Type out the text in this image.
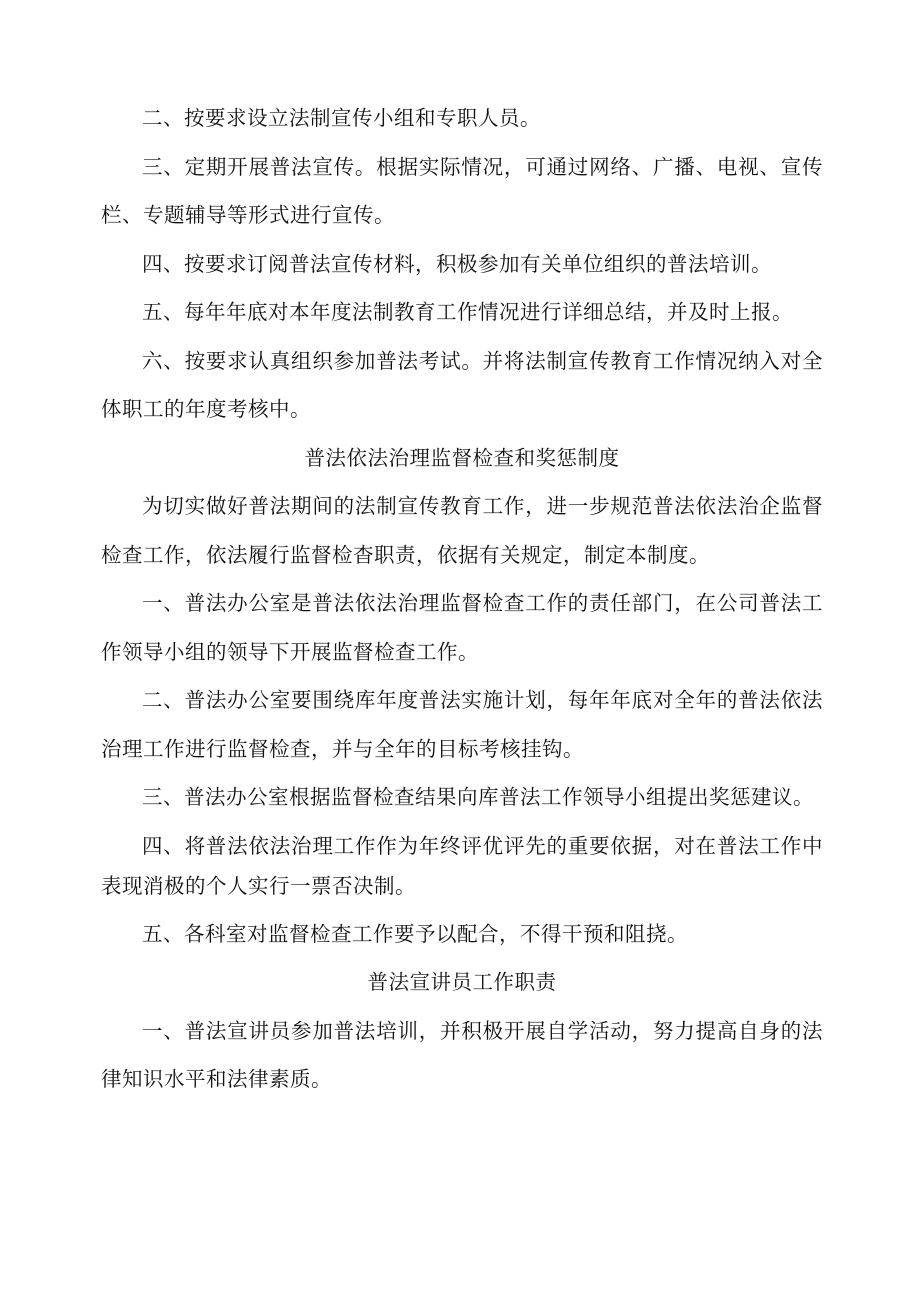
二、按要求设立法制宣传小组和专职人员。

三、定期开展普法宣传。根据实际情况，可通过网络、广播、电视、宣传栏、专题辅导等形式进行宣传。

四、按要求订阅普法宣传材料，积极参加有关单位组织的普法培训。

五、每年年底对本年度法制教育工作情况进行详细总结，并及时上报。

六、按要求认真组织参加普法考试。并将法制宣传教育工作情况纳入对全体职工的年度考核中。

普法依法治理监督检查和奖惩制度

为切实做好普法期间的法制宣传教育工作，进一步规范普法依法治企监督检查工作，依法履行监督检杳职责，依据有关规定，制定本制度。

一、普法办公室是普法依法治理监督检查工作的责任部门，在公司普法工作领导小组的领导下开展监督检查工作。

二、普法办公室要围绕库年度普法实施计划，每年年底对全年的普法依法治理工作进行监督检查，并与全年的目标考核挂钩。

三、普法办公室根据监督检查结果向库普法工作领导小组提出奖惩建议。

四、将普法依法治理工作作为年终评优评先的重要依据，对在普法工作中表现消极的个人实行一票否决制。

五、各科室对监督检查工作要予以配合，不得干预和阻挠。

普法宣讲员工作职责

一、普法宣讲员参加普法培训，并积极开展自学活动，努力提高自身的法律知识水平和法律素质。
